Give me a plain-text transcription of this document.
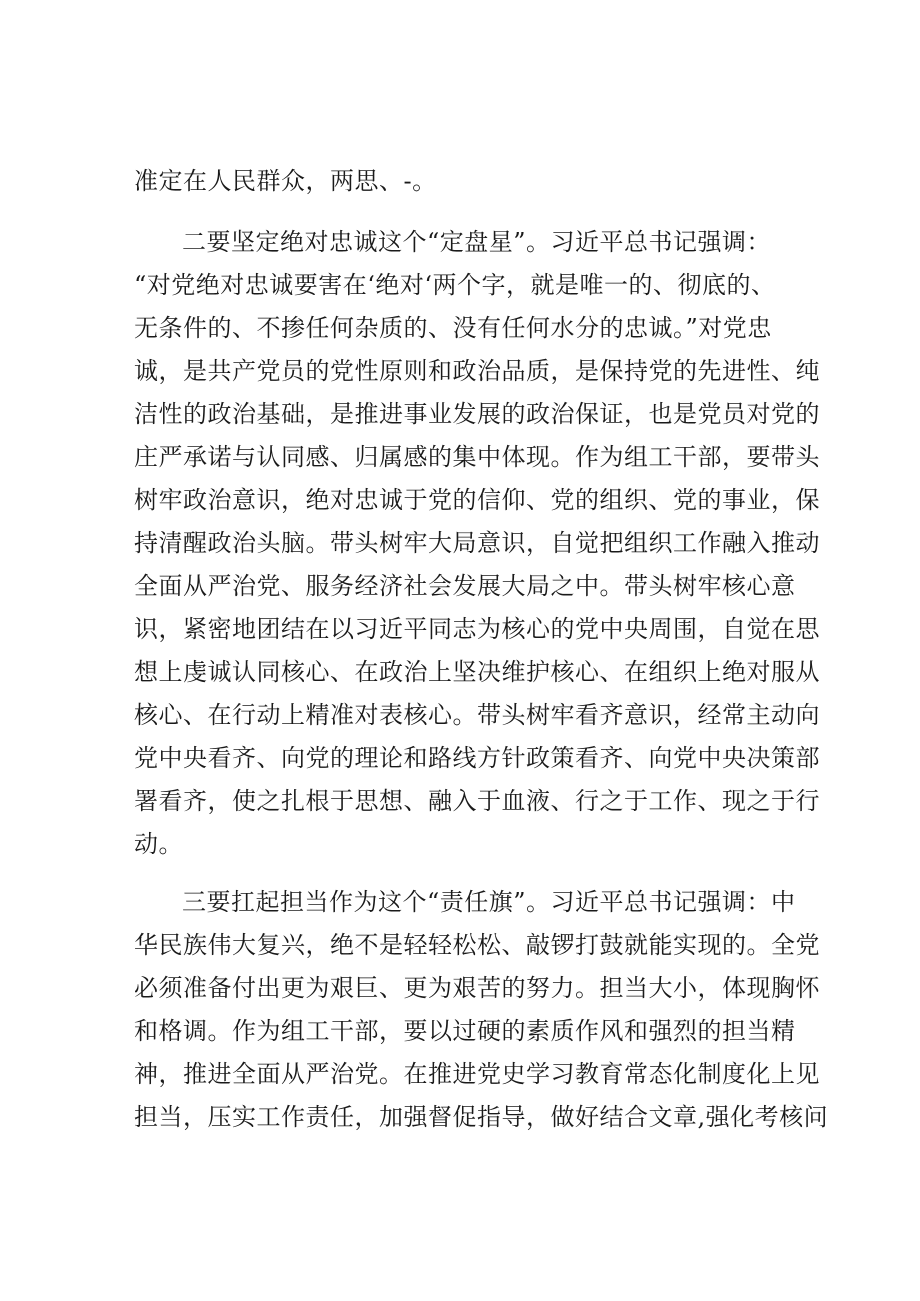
准定在人民群众，两思、-。
二要坚定绝对忠诚这个“定盘星”。习近平总书记强调：
“对党绝对忠诚要害在‘绝对‘两个字，就是唯一的、彻底的、
无条件的、不掺任何杂质的、没有任何水分的忠诚。”对党忠
诚，是共产党员的党性原则和政治品质，是保持党的先进性、纯
洁性的政治基础，是推进事业发展的政治保证，也是党员对党的
庄严承诺与认同感、归属感的集中体现。作为组工干部，要带头
树牢政治意识，绝对忠诚于党的信仰、党的组织、党的事业，保
持清醒政治头脑。带头树牢大局意识，自觉把组织工作融入推动
全面从严治党、服务经济社会发展大局之中。带头树牢核心意
识，紧密地团结在以习近平同志为核心的党中央周围，自觉在思
想上虔诚认同核心、在政治上坚决维护核心、在组织上绝对服从
核心、在行动上精准对表核心。带头树牢看齐意识，经常主动向
党中央看齐、向党的理论和路线方针政策看齐、向党中央决策部
署看齐，使之扎根于思想、融入于血液、行之于工作、现之于行
动。
三要扛起担当作为这个“责任旗”。习近平总书记强调：中
华民族伟大复兴，绝不是轻轻松松、敲锣打鼓就能实现的。全党
必须准备付出更为艰巨、更为艰苦的努力。担当大小，体现胸怀
和格调。作为组工干部，要以过硬的素质作风和强烈的担当精
神，推进全面从严治党。在推进党史学习教育常态化制度化上见
担当，压实工作责任，加强督促指导，做好结合文章,强化考核问
